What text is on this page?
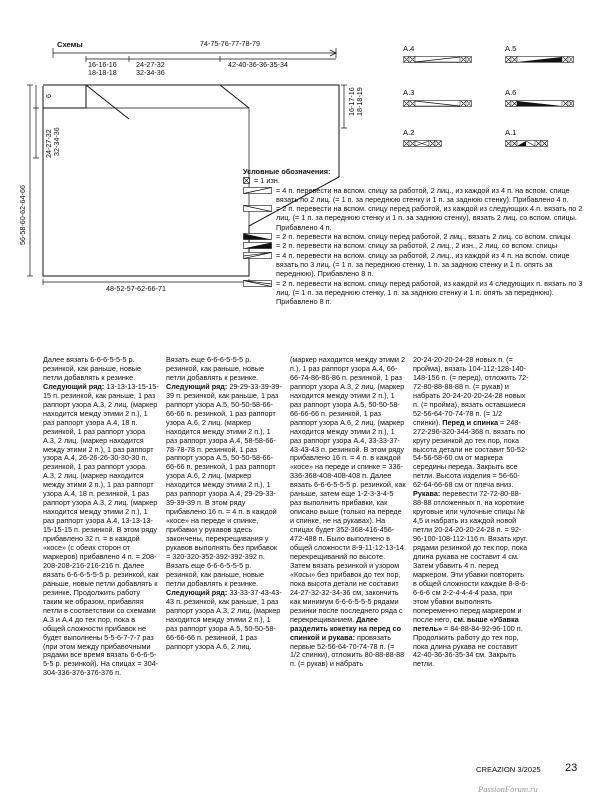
Схемы	74-75-76-77-78-79
16-16-16
18-18-18
24-27-32
32-34-36
42-40-36-36-35-34
6
24-27-32 32-34-36
56-58-60-62-64-66
16-17-16 18-18-19
48-52-57-62-66-71
A.4	A.5
A.3	A.6
A.2	A.1
Условные обозначения:
= 1 изн.
= 4 п. перевести на вспом. спицу за работой, 2 лиц., из каждой из 4 п. на вспом. спице вязать по 2 лиц. (= 1 п. за переднюю стенку и 1 п. за заднюю стенку). Прибавлено 4 п.
= 2 п. перевести на вспом. спицу перед работой, из каждой из следующих 4 п. вязать по 2 лиц. (= 1 п. за переднюю стенку и 1 п. за заднюю стенку), вязать 2 лиц. со вспом. спицы. Прибавлено 4 п.
= 2 п. перевести на вспом. спицу перед работой, 2 лиц., вязать 2 лиц. со вспом. спицы
= 2 п. перевести на вспом. спицу за работой, 2 лиц., 2 изн., 2 лиц. со вспом. спицы
= 4 п. перевести на вспом. спицу за работой, 2 лиц., из каждой из 4 п. на вспом. спице вязать по 3 лиц. (= 1 п. за переднюю стенку, 1 п. за заднюю стенку и 1 п. опять за переднюю). Прибавлено 8 п.
= 2 п. перевести на вспом. спицу перед работой, из каждой из 4 следующих п. вязать по 3 лиц. (= 1 п. за переднюю стенку, 1 п. за заднюю стенку и 1 п. опять за переднюю). Прибавлено 8 п.
Далее вязать 6-6-6-5-5-5 р. резинкой, как раньше, новые петли добавлять к резинке. Следующий ряд: 13-13-13-15-15-15 п. резинкой, как раньше, 1 раз раппорт узора А.3, 2 лиц. (маркер находится между этими 2 п.), 1 раз раппорт узора А.4, 18 п. резинкой, 1 раз раппорт узора А.3, 2 лиц. (маркер находится между этими 2 п.), 1 раз раппорт узора А.4, 26-26-26-30-30-30 п. резинкой, 1 раз раппорт узора А.3, 2 лиц. (маркер находится между этими 2 п.), 1 раз раппорт узора А.4, 18 п. резинкой, 1 раз раппорт узора А.3, 2 лиц. (маркер находится между этими 2 п.), 1 раз раппорт узора А.4, 13-13-13-15-15-15 п. резинкой. В этом ряду прибавлено 32 п. = в каждой «косе» (с обеих сторон от маркеров) прибавлено 4 п. = 208-208-208-216-216-216 п. Далее вязать 6-6-6-5-5-5 р. резинкой, как раньше, новые петли добавлять к резинке. Продолжить работу таким же образом, прибавляя петли в соответствии со схемами А.3 и А.4 до тех пор, пока в общей сложности прибавок не будет выполнены 5-5-6-7-7-7 раз (при этом между прибавочными рядами все время вязать 6-6-6-5-5-5 р. резинкой). На спицах = 304-304-336-376-376-376 п.
Вязать еще 6-6-6-5-5-5 р. резинкой, как раньше, новые петли добавлять к резинке. Следующий ряд: 29-29-33-39-39-39 п. резинкой, как раньше, 1 раз раппорт узора А.5, 50-50-58-66-66-66 п. резинкой, 1 раз раппорт узора А.6, 2 лиц. (маркер находится между этими 2 п.), 1 раз раппорт узора А.4, 58-58-66-78-78-78 п. резинкой, 1 раз раппорт узора А.5, 50-50-58-66-66-66 п. резинкой, 1 раз раппорт узора А.6, 2 лиц. (маркер находится между этими 2 п.), 1 раз раппорт узора А.4, 29-29-33-39-39-39 п. В этом ряду прибавлено 16 п. = 4 п. в каждой «косе» на переде и спинке, прибавки у рукавов здесь закончены, перекрещивания у рукавов выполнять без прибавок = 320-320-352-392-392-392 п. Вязать еще 6-6-6-5-5-5 р. резинкой, как раньше, новые петли добавлять к резинке. Следующий ряд: 33-33-37-43-43-43 п. резинкой, как раньше, 1 раз раппорт узора А.3, 2 лиц. (маркер находится между этими 2 п.), 1 раз раппорт узора А.5, 50-50-58-66-66-66 п. резинкой, 1 раз раппорт узора А.6, 2 лиц.
(маркер находится между этими 2 п.), 1 раз раппорт узора А.4, 66-66-74-86-86-86 п. резинкой, 1 раз раппорт узора А.3, 2 лиц. (маркер находится между этими 2 п.), 1 раз раппорт узора А.5, 50-50-58-66-66-66 п. резинкой, 1 раз раппорт узора А.6, 2 лиц. (маркер находится между этими 2 п.), 1 раз раппорт узора А.4, 33-33-37-43-43-43 п. резинкой. В этом ряду прибавлено 16 п. = 4 п. в каждой «косе» на переде и спинке = 336-336-368-408-408-408 п. Далее вязать 6-6-6-5-5-5 р. резинкой, как раньше, затем еще 1-2-3-3-4-5 раз выполнить прибавки, как описано выше (только на переде и спинке, не на рукавах). На спицах будет 352-368-416-456-472-488 п. Было выполнено в общей сложности 8-9-11-12-13-14 перекрещиваний по высоте. Затем вязать резинкой и узором «Косы» без прибавок до тех пор, пока высота детали не составит 24-27-32-32-34-36 см, закончить как минимум 6-6-6-5-5-5 рядами резинки после последнего ряда с перекрещиванием. Далее разделить кокетку на перед со спинкой и рукава: провязать первые 52-56-64-70-74-78 п. (= 1/2 спинки), отложить 80-88-88-88 п. (= рукав) и набрать
20-24-20-20-24-28 новых п. (= пройма), вязать 104-112-128-140-148-156 п. (= перед), отложить 72-72-80-88-88-88 п. (= рукав) и набрать 20-24-20-20-24-28 новых п. (= пройма), вязать оставшиеся 52-56-64-70-74-78 п. (= 1/2 спинки). Перед и спинка = 248-272-296-320-344-368 п. вязать по кругу резинкой до тех пор, пока высота детали не составит 50-52-54-56-58-60 см от маркера середины переда. Закрыть все петли. Высота изделия = 56-60-62-64-66-68 см от плеча вниз. Рукава: перевести 72-72-80-88-88-88 отложенных п. на короткие круговые или чулочные спицы № 4,5 и набрать из каждой новой петли 20-24-20-20-24-28 п. = 92-96-100-108-112-116 п. Вязать круг. рядами резинкой до тех пор, пока длина рукава не составит 4 см. Затем убавить 4 п. перед маркером. Эти убавки повторить в общей сложности каждые 8-8-6-6-6-6 см 2-2-4-4-4-4 раза, при этом убавки выполнять попеременно перед маркером и после него, см. выше «Убавка петель» = 84-88-84-92-96-100 п. Продолжить работу до тех пор, пока длина рукава не составит 42-40-36-36-35-34 см. Закрыть петли.
CREAZION 3/2025 23
PassionForum.ru
